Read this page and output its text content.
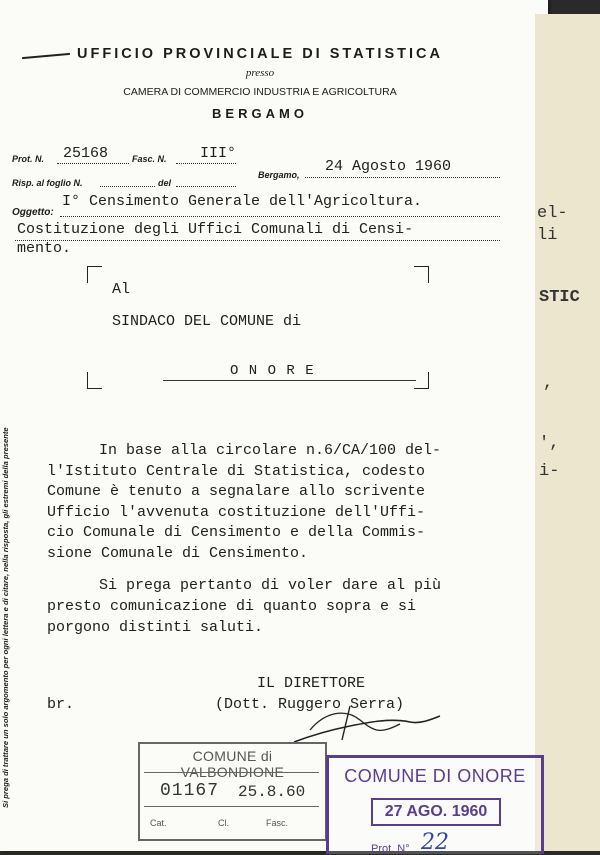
UFFICIO PROVINCIALE DI STATISTICA
presso
CAMERA DI COMMERCIO INDUSTRIA E AGRICOLTURA
BERGAMO
Prot. N. 25168	Fasc. N. III°
Bergamo, 24 Agosto 1960
Risp. al foglio N.	del
Oggetto:
I° Censimento Generale dell'Agricoltura.
Costituzione degli Uffici Comunali di Censi-
mento.
Al
SINDACO DEL COMUNE di
O N O R E
In base alla circolare n.6/CA/100 del-
l'Istituto Centrale di Statistica, codesto
Comune è tenuto a segnalare allo scrivente
Ufficio l'avvenuta costituzione dell'Uffi-
cio Comunale di Censimento e della Commis-
sione Comunale di Censimento.
Si prega pertanto di voler dare al più
presto comunicazione di quanto sopra e si
porgono distinti saluti.
IL DIRETTORE
br.	(Dott. Ruggero Serra)
Si prega di trattare un solo argomento per ogni lettera e di citare, nella risposta, gli estremi della presente	COMUNE di VALBONDIONE
01167 25.8.60
Cat.	Cl.	Fasc.
el-
li
STIC
,
',
i-
COMUNE DI ONORE
27 AGO. 1960
Prot. N° 22
